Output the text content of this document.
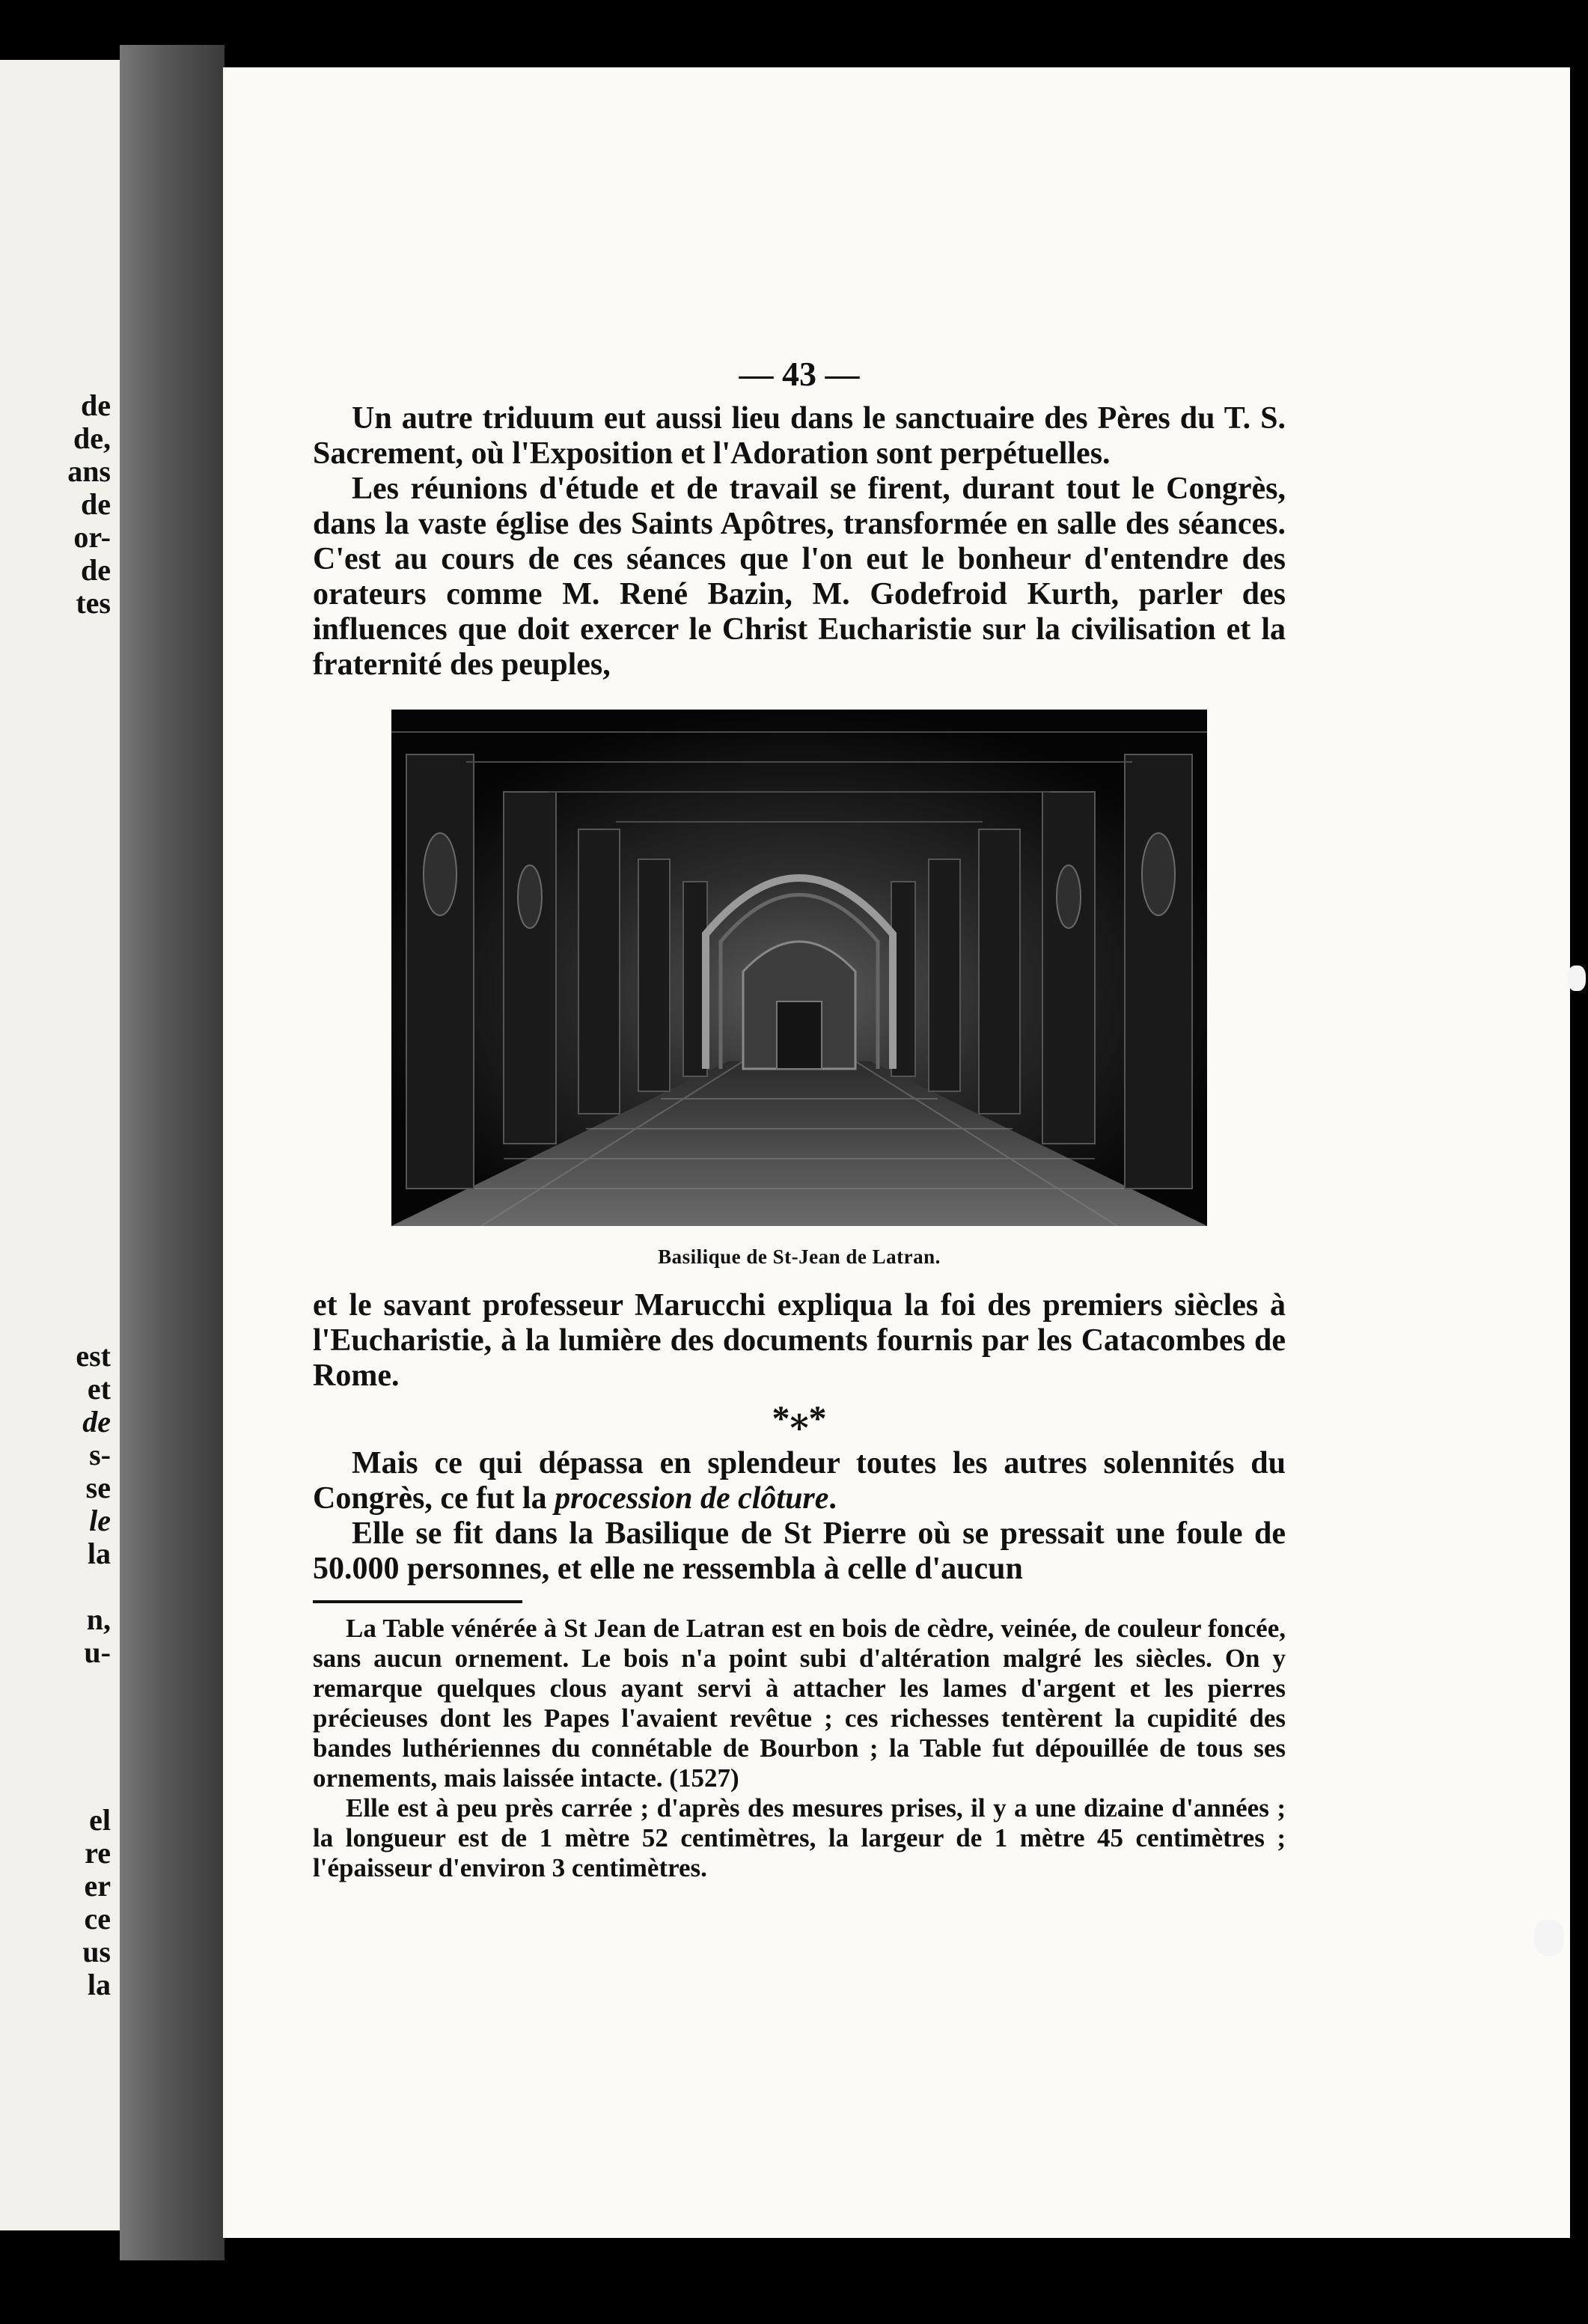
de
de,
ans
de
or-
de
tes
est
et
de
s-
se
le
la
n,
u-
el
re
er
ce
us
la
— 43 —

Un autre triduum eut aussi lieu dans le sanctuaire des Pères du T. S. Sacrement, où l'Exposition et l'Adoration sont perpétuelles.

Les réunions d'étude et de travail se firent, durant tout le Congrès, dans la vaste église des Saints Apôtres, transformée en salle des séances. C'est au cours de ces séances que l'on eut le bonheur d'entendre des orateurs comme M. René Bazin, M. Godefroid Kurth, parler des influences que doit exercer le Christ Eucharistie sur la civilisation et la fraternité des peuples,

Basilique de St-Jean de Latran.

et le savant professeur Marucchi expliqua la foi des premiers siècles à l'Eucharistie, à la lumière des documents fournis par les Catacombes de Rome.

*⁎*

Mais ce qui dépassa en splendeur toutes les autres solennités du Congrès, ce fut la procession de clôture.

Elle se fit dans la Basilique de St Pierre où se pressait une foule de 50.000 personnes, et elle ne ressembla à celle d'aucun

La Table vénérée à St Jean de Latran est en bois de cèdre, veinée, de couleur foncée, sans aucun ornement. Le bois n'a point subi d'altération malgré les siècles. On y remarque quelques clous ayant servi à attacher les lames d'argent et les pierres précieuses dont les Papes l'avaient revêtue ; ces richesses tentèrent la cupidité des bandes luthériennes du connétable de Bourbon ; la Table fut dépouillée de tous ses ornements, mais laissée intacte. (1527)

Elle est à peu près carrée ; d'après des mesures prises, il y a une dizaine d'années ; la longueur est de 1 mètre 52 centimètres, la largeur de 1 mètre 45 centimètres ; l'épaisseur d'environ 3 centimètres.
